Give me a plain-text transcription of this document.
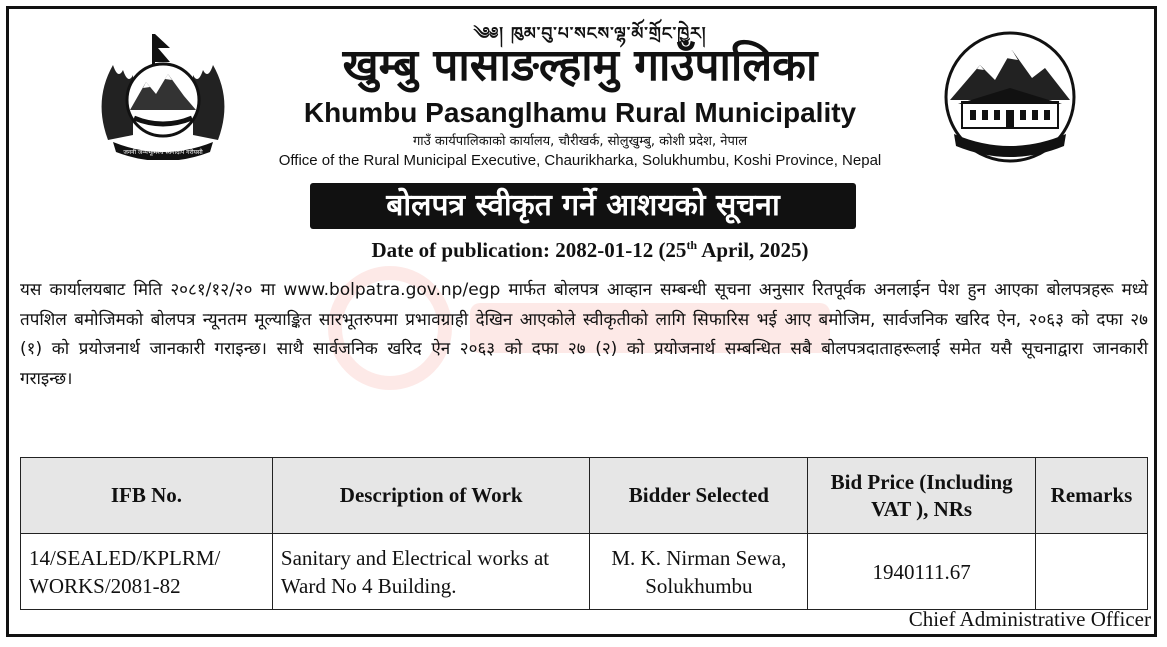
जननी जन्मभूमिश्च स्वर्गादपि गरीयसी
༄༅། ཁུམ་བུ་པ་སངས་ལྷ་མོ་གྲོང་ཁྱེར།
खुम्बु पासाङल्हामु गाउँपालिका
Khumbu Pasanglhamu Rural Municipality
गाउँ कार्यपालिकाको कार्यालय, चौरीखर्क, सोलुखुम्बु, कोशी प्रदेश, नेपाल
Office of the Rural Municipal Executive, Chaurikharka, Solukhumbu, Koshi Province, Nepal
बोलपत्र स्वीकृत गर्ने आशयको सूचना
Date of publication: 2082-01-12 (25th April, 2025)
यस कार्यालयबाट मिति २०८१/१२/२० मा www.bolpatra.gov.np/egp मार्फत बोलपत्र आव्हान सम्बन्धी सूचना अनुसार रितपूर्वक अनलाईन पेश हुन आएका बोलपत्रहरू मध्ये तपशिल बमोजिमको बोलपत्र न्यूनतम मूल्याङ्कित सारभूतरुपमा प्रभावग्राही देखिन आएकोले स्वीकृतीको लागि सिफारिस भई आए बमोजिम, सार्वजनिक खरिद ऐन, २०६३ को दफा २७ (१) को प्रयोजनार्थ जानकारी गराइन्छ। साथै सार्वजनिक खरिद ऐन २०६३ को दफा २७ (२) को प्रयोजनार्थ सम्बन्धित सबै बोलपत्रदाताहरूलाई समेत यसै सूचनाद्वारा जानकारी गराइन्छ।
IFB No.	Description of Work	Bidder Selected	Bid Price (Including VAT ), NRs	Remarks
14/SEALED/KPLRM/ WORKS/2081-82	Sanitary and Electrical works at Ward No 4 Building.	M. K. Nirman Sewa, Solukhumbu	1940111.67	
Chief Administrative Officer
